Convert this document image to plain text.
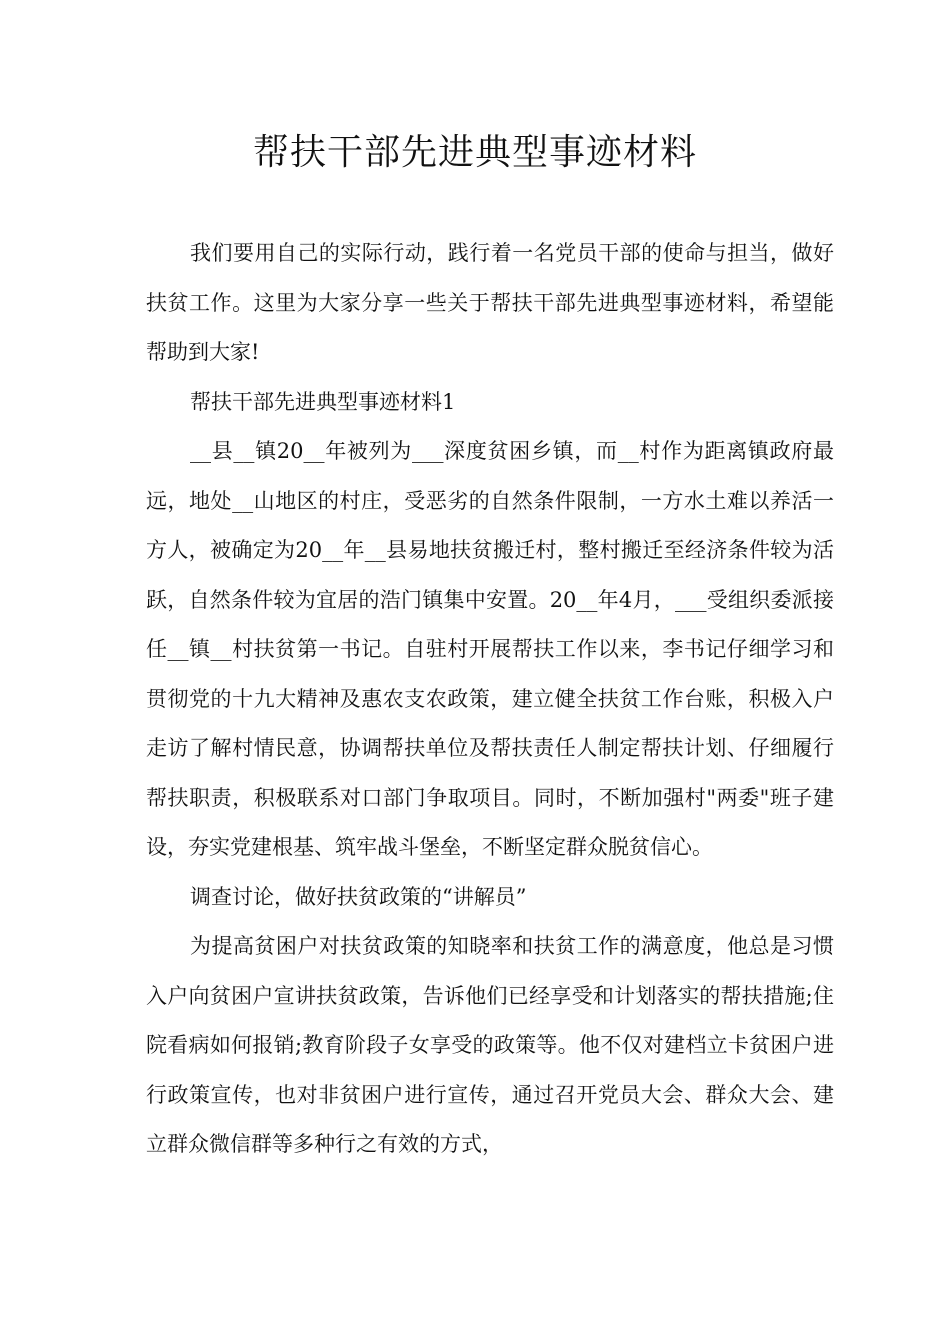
帮扶干部先进典型事迹材料

我们要用自己的实际行动，践行着一名党员干部的使命与担当，做好扶贫工作。这里为大家分享一些关于帮扶干部先进典型事迹材料，希望能帮助到大家!

帮扶干部先进典型事迹材料1

__县__镇20__年被列为___深度贫困乡镇，而__村作为距离镇政府最远，地处__山地区的村庄，受恶劣的自然条件限制，一方水土难以养活一方人，被确定为20__年__县易地扶贫搬迁村，整村搬迁至经济条件较为活跃，自然条件较为宜居的浩门镇集中安置。20__年4月，___受组织委派接任__镇__村扶贫第一书记。自驻村开展帮扶工作以来，李书记仔细学习和贯彻党的十九大精神及惠农支农政策，建立健全扶贫工作台账，积极入户走访了解村情民意，协调帮扶单位及帮扶责任人制定帮扶计划、仔细履行帮扶职责，积极联系对口部门争取项目。同时，不断加强村"两委"班子建设，夯实党建根基、筑牢战斗堡垒，不断坚定群众脱贫信心。

调查讨论，做好扶贫政策的“讲解员”

为提高贫困户对扶贫政策的知晓率和扶贫工作的满意度，他总是习惯入户向贫困户宣讲扶贫政策，告诉他们已经享受和计划落实的帮扶措施;住院看病如何报销;教育阶段子女享受的政策等。他不仅对建档立卡贫困户进行政策宣传，也对非贫困户进行宣传，通过召开党员大会、群众大会、建立群众微信群等多种行之有效的方式，
